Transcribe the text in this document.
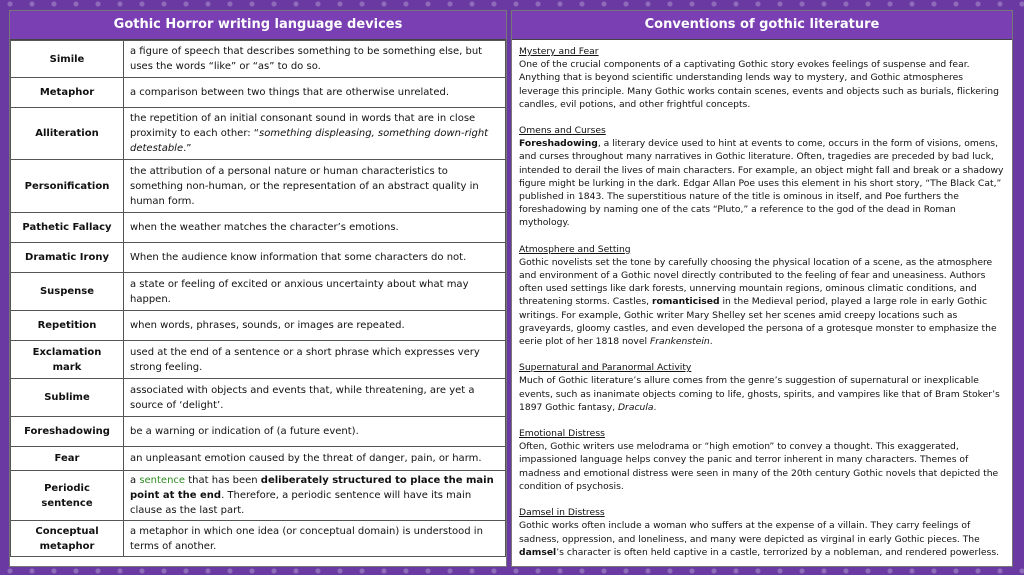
Gothic Horror writing language devices
Simile	a figure of speech that describes something to be something else, but uses the words “like” or “as” to do so.
Metaphor	a comparison between two things that are otherwise unrelated.
Alliteration	the repetition of an initial consonant sound in words that are in close proximity to each other: “something displeasing, something down-right detestable.”
Personification	the attribution of a personal nature or human characteristics to something non-human, or the representation of an abstract quality in human form.
Pathetic Fallacy	when the weather matches the character’s emotions.
Dramatic Irony	When the audience know information that some characters do not.
Suspense	a state or feeling of excited or anxious uncertainty about what may happen.
Repetition	when words, phrases, sounds, or images are repeated.
Exclamation mark	used at the end of a sentence or a short phrase which expresses very strong feeling.
Sublime	associated with objects and events that, while threatening, are yet a source of ‘delight’.
Foreshadowing	be a warning or indication of (a future event).
Fear	an unpleasant emotion caused by the threat of danger, pain, or harm.
Periodic sentence	a sentence that has been deliberately structured to place the main point at the end. Therefore, a periodic sentence will have its main clause as the last part.
Conceptual metaphor	a metaphor in which one idea (or conceptual domain) is understood in terms of another.
Conventions of gothic literature
Mystery and Fear
One of the crucial components of a captivating Gothic story evokes feelings of suspense and fear. Anything that is beyond scientific understanding lends way to mystery, and Gothic atmospheres leverage this principle. Many Gothic works contain scenes, events and objects such as burials, flickering candles, evil potions, and other frightful concepts.
Omens and Curses
Foreshadowing, a literary device used to hint at events to come, occurs in the form of visions, omens, and curses throughout many narratives in Gothic literature. Often, tragedies are preceded by bad luck, intended to derail the lives of main characters. For example, an object might fall and break or a shadowy figure might be lurking in the dark. Edgar Allan Poe uses this element in his short story, “The Black Cat,” published in 1843. The superstitious nature of the title is ominous in itself, and Poe furthers the foreshadowing by naming one of the cats “Pluto,” a reference to the god of the dead in Roman mythology.
Atmosphere and Setting
Gothic novelists set the tone by carefully choosing the physical location of a scene, as the atmosphere and environment of a Gothic novel directly contributed to the feeling of fear and uneasiness. Authors often used settings like dark forests, unnerving mountain regions, ominous climatic conditions, and threatening storms. Castles, romanticised in the Medieval period, played a large role in early Gothic writings. For example, Gothic writer Mary Shelley set her scenes amid creepy locations such as graveyards, gloomy castles, and even developed the persona of a grotesque monster to emphasize the eerie plot of her 1818 novel Frankenstein.
Supernatural and Paranormal Activity
Much of Gothic literature’s allure comes from the genre’s suggestion of supernatural or inexplicable events, such as inanimate objects coming to life, ghosts, spirits, and vampires like that of Bram Stoker’s 1897 Gothic fantasy, Dracula.
Emotional Distress
Often, Gothic writers use melodrama or “high emotion” to convey a thought. This exaggerated, impassioned language helps convey the panic and terror inherent in many characters. Themes of madness and emotional distress were seen in many of the 20th century Gothic novels that depicted the condition of psychosis.
Damsel in Distress
Gothic works often include a woman who suffers at the expense of a villain. They carry feelings of sadness, oppression, and loneliness, and many were depicted as virginal in early Gothic pieces. The damsel’s character is often held captive in a castle, terrorized by a nobleman, and rendered powerless.
